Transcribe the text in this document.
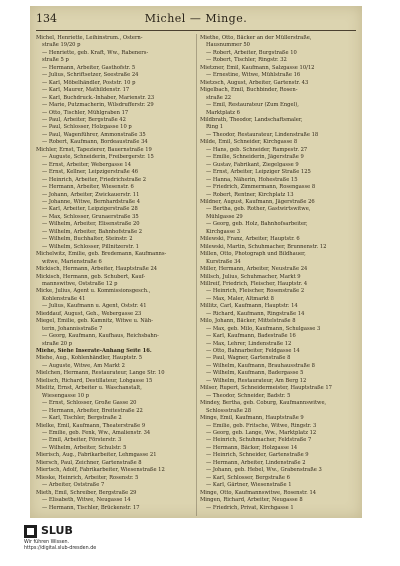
134	Michel — Minge.
Michel, Henriette, Leihinstrum., Ostern-
straße 19/20 p
— Henriette, geb. Kraft, Ww., Rabeners-
straße 5 p
— Hermann, Arbeiter, Gasthofstr. 5
— Julius, Schriftsetzer, Seestraße 24
— Karl, Möbelhändler, Poststr. 10 p
— Karl, Maurer, Mathildenstr. 17
— Karl, Buchdruck.-Inhaber, Marienstr. 23
— Marie, Putzmacherin, Wilsdrufferstr. 29
— Otto, Tischler, Mühlgraben 17
— Paul, Arbeiter, Bergstraße 42
— Paul, Schlosser, Holzgasse 10 p
— Paul, Wagenführer, Ammonstraße 35
— Robert, Kaufmann, Bordeaustraße 34
Michler, Ernst, Tapezierer, Bauernstraße 19
— Auguste, Schneiderin, Freibergerstr. 15
— Ernst, Arbeiter, Webergasse 14
— Ernst, Kellner, Leipzigerstraße 46
— Heinrich, Arbeiter, Friedrichstraße 2
— Hermann, Arbeiter, Wiesenstr. 6
— Johann, Arbeiter, Zwickauerstr. 11
— Johanne, Witwe, Bernhardstraße 4
— Karl, Arbeiter, Leipzigerstraße 28
— Max, Schlosser, Grunaerstraße 35
— Wilhelm, Arbeiter, Elisenstraße 20
— Wilhelm, Arbeiter, Bahnhofstraße 2
— Wilhelm, Buchhalter, Steinstr. 2
— Wilhelm, Schlosser, Pillnitzerstr. 1
Michelwitz, Emilie, geb. Bredemann, Kaufmanns-
witwe, Marienstraße 6
Mickisch, Hermann, Arbeiter, Hauptstraße 24
Mickisch, Hermann, geb. Schubert, Kauf-
mannswitwe, Oststraße 12 p
Micke, Julius, Agent u. Kommissionsgesch.,
Kohlenstraße 41
— Julius, Kaufmann u. Agent, Oststr. 41
Mieddauf, August, Geh., Webergasse 23
Miegel, Emilie, geb. Kamnitz, Witwe u. Näh-
terin, Johannisstraße 7
— Georg, Kaufmann, Kaufhaus, Reichsbahn-
straße 20 p
Miehe, Siehe Inserate-Anhang Seite 16.
Miehe, Aug., Kohlenhändler, Hauptstr. 5
— Auguste, Witwe, Am Markt 2
Mielchen, Hermann, Restaurateur, Lange Str. 10
Mielisch, Richard, Destillateur, Lohgasse 15
Mielitz, Ernst, Arbeiter u. Waschanstalt,
Wiesengasse 10 p
— Ernst, Schlosser, Große Gasse 20
— Hermann, Arbeiter, Breitestraße 22
— Karl, Tischler, Bergstraße 2
Mielke, Emil, Kaufmann, Theaterstraße 9
— Emilie, geb. Fenk, Ww., Amalienstr. 34
— Emil, Arbeiter, Försterstr. 3
— Wilhelm, Arbeiter, Schulstr. 5
Mierisch, Aug., Fabrikarbeiter, Lehmgasse 21
Miersch, Paul, Zeichner, Gartenstraße 8
Miertsch, Adolf, Fabrikarbeiter, Wiesenstraße 12
Mieske, Heinrich, Arbeiter, Rosenstr. 5
— Arbeiter, Oststraße 7
Mieth, Emil, Schreiber, Bergstraße 29
— Elisabeth, Witwe, Neugasse 14
— Hermann, Tischler, Brückenstr. 17
Miethe, Otto, Bäcker an der Müllerstraße,
Hausnummer 50
— Robert, Arbeiter, Burgstraße 10
— Robert, Tischler, Ringstr. 32
Mietzner, Emil, Kaufmann, Salzgasse 10/12
— Ernestine, Witwe, Mühlstraße 16
Mietzsch, August, Arbeiter, Gartenstr. 43
Migelbach, Emil, Buchbinder, Rosen-
straße 22
— Emil, Restaurateur (Zum Engel),
Marktplatz 6
Mildbrath, Theodor, Landschaftsmaler,
Ring 1
— Theodor, Restaurateur, Lindenstraße 18
Milde, Emil, Schneider, Kirchgasse 8
— Hans, geb. Schneider, Rampestr. 27
— Emilie, Schneiderin, Jägerstraße 9
— Gustav, Fabrikant, Ziegelgasse 9
— Ernst, Arbeiter, Leipziger Straße 125
— Hanna, Näherin, Hohestraße 15
— Friedrich, Zimmermann, Rosengasse 8
— Robert, Rentner, Kirchplatz 13
Mildner, August, Kaufmann, Jägerstraße 26
— Bertha, geb. Rother, Gastwirtswitwe,
Mühlgasse 29
— Georg, geb. Holz, Bahnhofsarbeiter,
Kirchgasse 3
Milewski, Franz, Arbeiter, Hauptstr. 6
Milewski, Martin, Schuhmacher, Brunnenstr. 12
Millen, Otto, Photograph und Bildhauer,
Kurstraße 34
Miller, Hermann, Arbeiter, Neustraße 24
Millsch, Julius, Schuhmacher, Markt 9
Millreif, Friedrich, Fleischer, Hauptstr. 4
— Heinrich, Fleischer, Rosenstraße 2
— Max, Maler, Altmarkt 8
Millitz, Carl, Kaufmann, Hauptstr. 14
— Richard, Kaufmann, Ringstraße 14
Milo, Johann, Bäcker, Mittelstraße 8
— Max, geb. Milo, Kaufmann, Schulgasse 3
— Karl, Kaufmann, Badestraße 16
— Max, Lehrer, Lindenstraße 12
— Otto, Bahnarbeiter, Feldgasse 14
— Paul, Wagner, Gartenstraße 8
— Wilhelm, Kaufmann, Brauhausstraße 8
— Wilhelm, Kaufmann, Badergasse 5
— Wilhelm, Restaurateur, Am Berg 12
Milser, Rupert, Schneidermeister, Hauptstraße 17
— Theodor, Schneider, Badstr. 5
Mindey, Bertha, geb. Coburg, Kaufmannswitwe,
Schlossstraße 28
Minge, Emil, Kaufmann, Hauptstraße 9
— Emilie, geb. Fritsche, Witwe, Ringstr. 3
— Georg, geb. Lange, Ww., Marktplatz 12
— Heinrich, Schuhmacher, Feldstraße 7
— Hermann, Bäcker, Holzgasse 14
— Heinrich, Schneider, Gartenstraße 9
— Hermann, Arbeiter, Lindenstraße 2
— Johann, geb. Hebel, Ww., Grabenstraße 3
— Karl, Schlosser, Bergstraße 6
— Karl, Gärtner, Wiesenstraße 1
Minge, Otto, Kaufmannswitwe, Rosenstr. 14
Mingen, Richard, Arbeiter, Neugasse 8
— Friedrich, Privat, Kirchgasse 1
SLUB
Wir führen Wissen.
https://digital.slub-dresden.de
